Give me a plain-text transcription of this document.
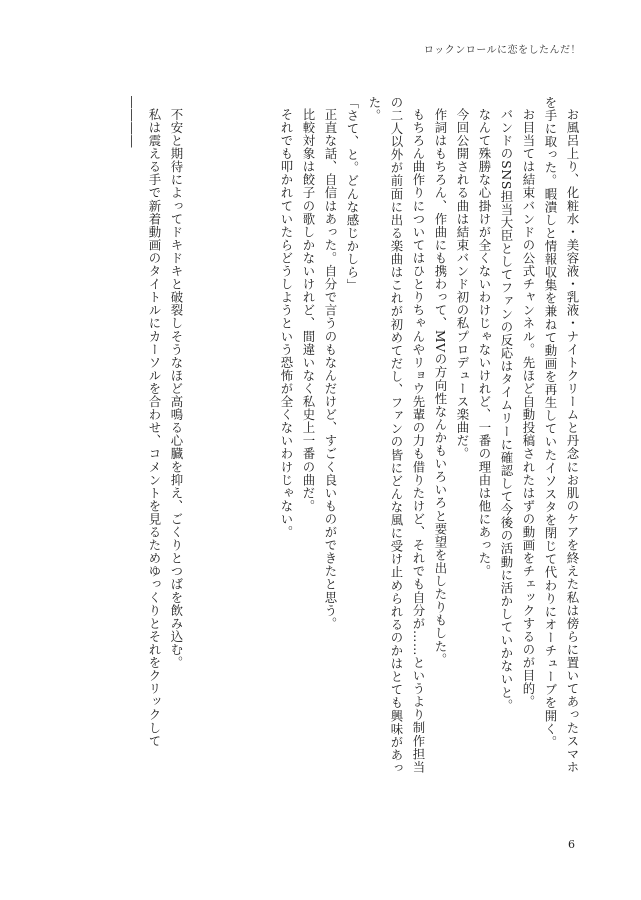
ロックンロールに恋をしたんだ！

お風呂上り、化粧水・美容液・乳液・ナイトクリームと丹念にお肌のケアを終えた私は傍らに置いてあったスマホを手に取った。暇潰しと情報収集を兼ねて動画を再生していたイソスタを閉じて代わりにオーチューブを開く。

お目当ては結束バンドの公式チャンネル。先ほど自動投稿されたはずの動画をチェックするのが目的。

バンドのSNS担当大臣としてファンの反応はタイムリーに確認して今後の活動に活かしていかないと。

なんて殊勝な心掛けが全くないわけじゃないけれど、一番の理由は他にあった。

今回公開される曲は結束バンド初の私プロデュース楽曲だ。

作詞はもちろん、作曲にも携わって、MVの方向性なんかもいろいろと要望を出したりもした。

もちろん曲作りについてはひとりちゃんやリョウ先輩の力も借りたけど、それでも自分が……というより制作担当の二人以外が前面に出る楽曲はこれが初めてだし、ファンの皆にどんな風に受け止められるのかはとても興味があった。

「さて、と。どんな感じかしら」

正直な話、自信はあった。自分で言うのもなんだけど、すごく良いものができたと思う。

比較対象は餃子の歌しかないけれど、間違いなく私史上一番の曲だ。

それでも叩かれていたらどうしようという恐怖が全くないわけじゃない。

不安と期待によってドキドキと破裂しそうなほど高鳴る心臓を抑え、ごくりとつばを飲み込む。

私は震える手で新着動画のタイトルにカーソルを合わせ、コメントを見るためゆっくりとそれをクリックして――――

6
